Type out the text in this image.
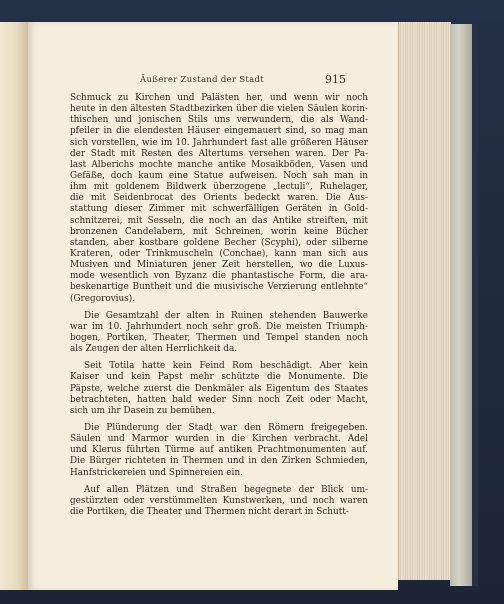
Äußerer Zustand der Stadt	915
Schmuck zu Kirchen und Palästen her, und wenn wir noch
heute in den ältesten Stadtbezirken über die vielen Säulen korin-
thischen und jonischen Stils uns verwundern, die als Wand-
pfeiler in die elendesten Häuser eingemauert sind, so mag man
sich vorstellen, wie im 10. Jahrhundert fast alle größeren Häuser
der Stadt mit Resten des Altertums versehen waren. Der Pa-
last Alberichs mochte manche antike Mosaikböden, Vasen und
Gefäße, doch kaum eine Statue aufweisen. Noch sah man in
ihm mit goldenem Bildwerk überzogene „lectuli“, Ruhelager,
die mit Seidenbrocat des Orients bedeckt waren. Die Aus-
stattung dieser Zimmer mit schwerfälligen Geräten in Gold-
schnitzerei, mit Sesseln, die noch an das Antike streiften, mit
bronzenen Candelabern, mit Schreinen, worin keine Bücher
standen, aber kostbare goldene Becher (Scyphi), oder silberne
Krateren, oder Trinkmuscheln (Conchae), kann man sich aus
Musiven und Miniaturen jener Zeit herstellen, wo die Luxus-
mode wesentlich von Byzanz die phantastische Form, die ara-
beskenartige Buntheit und die musivische Verzierung entlehnte“
(Gregorovius).
Die Gesamtzahl der alten in Ruinen stehenden Bauwerke
war im 10. Jahrhundert noch sehr groß. Die meisten Triumph-
bogen, Portiken, Theater, Thermen und Tempel standen noch
als Zeugen der alten Herrlichkeit da.
Seit Totila hatte kein Feind Rom beschädigt. Aber kein
Kaiser und kein Papst mehr schützte die Monumente. Die
Päpste, welche zuerst die Denkmäler als Eigentum des Staates
betrachteten, hatten bald weder Sinn noch Zeit oder Macht,
sich um ihr Dasein zu bemühen.
Die Plünderung der Stadt war den Römern freigegeben.
Säulen und Marmor wurden in die Kirchen verbracht. Adel
und Klerus führten Türme auf antiken Prachtmonumenten auf.
Die Bürger richteten in Thermen und in den Zirken Schmieden,
Hanfstrickereien und Spinnereien ein.
Auf allen Plätzen und Straßen begegnete der Blick um-
gestürzten oder verstümmelten Kunstwerken, und noch waren
die Portiken, die Theater und Thermen nicht derart in Schutt-
